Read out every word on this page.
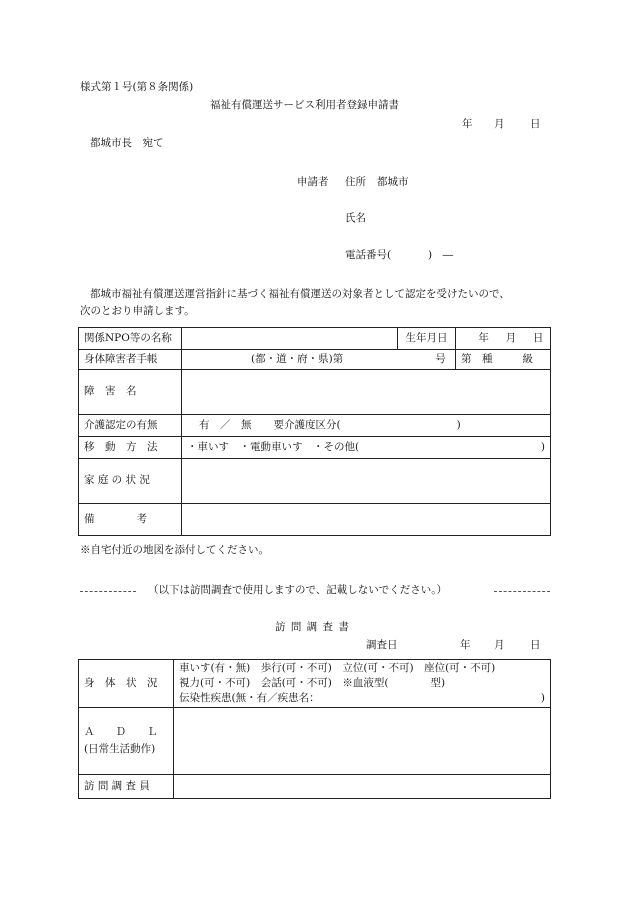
様式第１号(第８条関係)
福祉有償運送サービス利用者登録申請書
年 月 日
都城市長　宛て
申請者 住所 都城市
氏名
電話番号(	)　―
都城市福祉有償運送運営指針に基づく福祉有償運送の対象者として認定を受けたいので、
次のとおり申請します。
関係NPO等の名称		生年月日	年 月 日
身体障害者手帳	(都・道・府・県)第 号		第　種 級
障　害　名			
介護認定の有無	有　／　無 要介護度区分( )		
移　動　方　法	・車いす　・電動車いす　・その他( )		

家 庭 の 状 況			
備　　　　考			
※自宅付近の地図を添付してください。
（以下は訪問調査で使用しますので、記載しないでください。）
訪 問 調 査 書
調査日	年 月 日
身　体　状　況	車いす(有・無)　歩行(可・不可)　立位(可・不可)　座位(可・不可)
視力(可・不可)　会話(可・不可)　※血液型(　　　　型)
伝染性疾患(無・有／疾患名： )

Ａ　　Ｄ　　Ｌ
(日常生活動作)	

訪 問 調 査 員	
